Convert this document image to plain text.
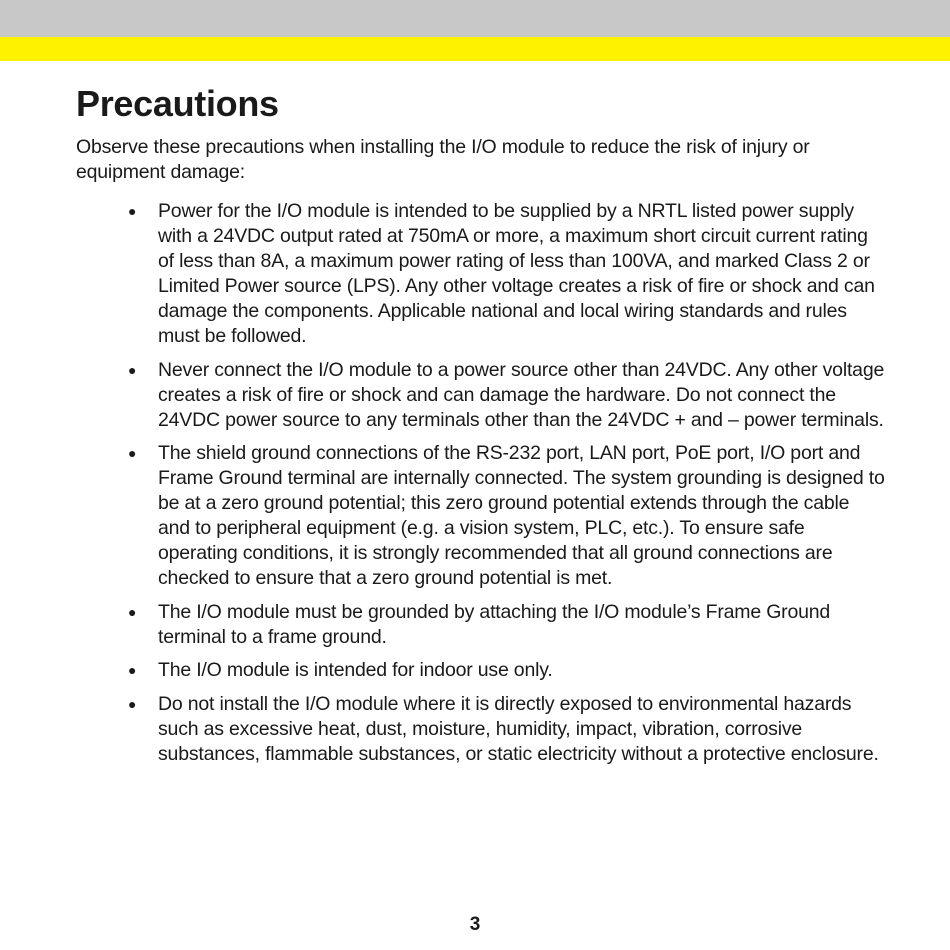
Precautions

Observe these precautions when installing the I/O module to reduce the risk of injury or equipment damage:

● Power for the I/O module is intended to be supplied by a NRTL listed power supply with a 24VDC output rated at 750mA or more, a maximum short circuit current rating of less than 8A, a maximum power rating of less than 100VA, and marked Class 2 or Limited Power source (LPS). Any other voltage creates a risk of fire or shock and can damage the components. Applicable national and local wiring standards and rules must be followed.
● Never connect the I/O module to a power source other than 24VDC. Any other voltage creates a risk of fire or shock and can damage the hardware. Do not connect the 24VDC power source to any terminals other than the 24VDC + and – power terminals.
● The shield ground connections of the RS-232 port, LAN port, PoE port, I/O port and Frame Ground terminal are internally connected. The system grounding is designed to be at a zero ground potential; this zero ground potential extends through the cable and to peripheral equipment (e.g. a vision system, PLC, etc.). To ensure safe operating conditions, it is strongly recommended that all ground connections are checked to ensure that a zero ground potential is met.
● The I/O module must be grounded by attaching the I/O module’s Frame Ground terminal to a frame ground.
● The I/O module is intended for indoor use only.
● Do not install the I/O module where it is directly exposed to environmental hazards such as excessive heat, dust, moisture, humidity, impact, vibration, corrosive substances, flammable substances, or static electricity without a protective enclosure.
3
